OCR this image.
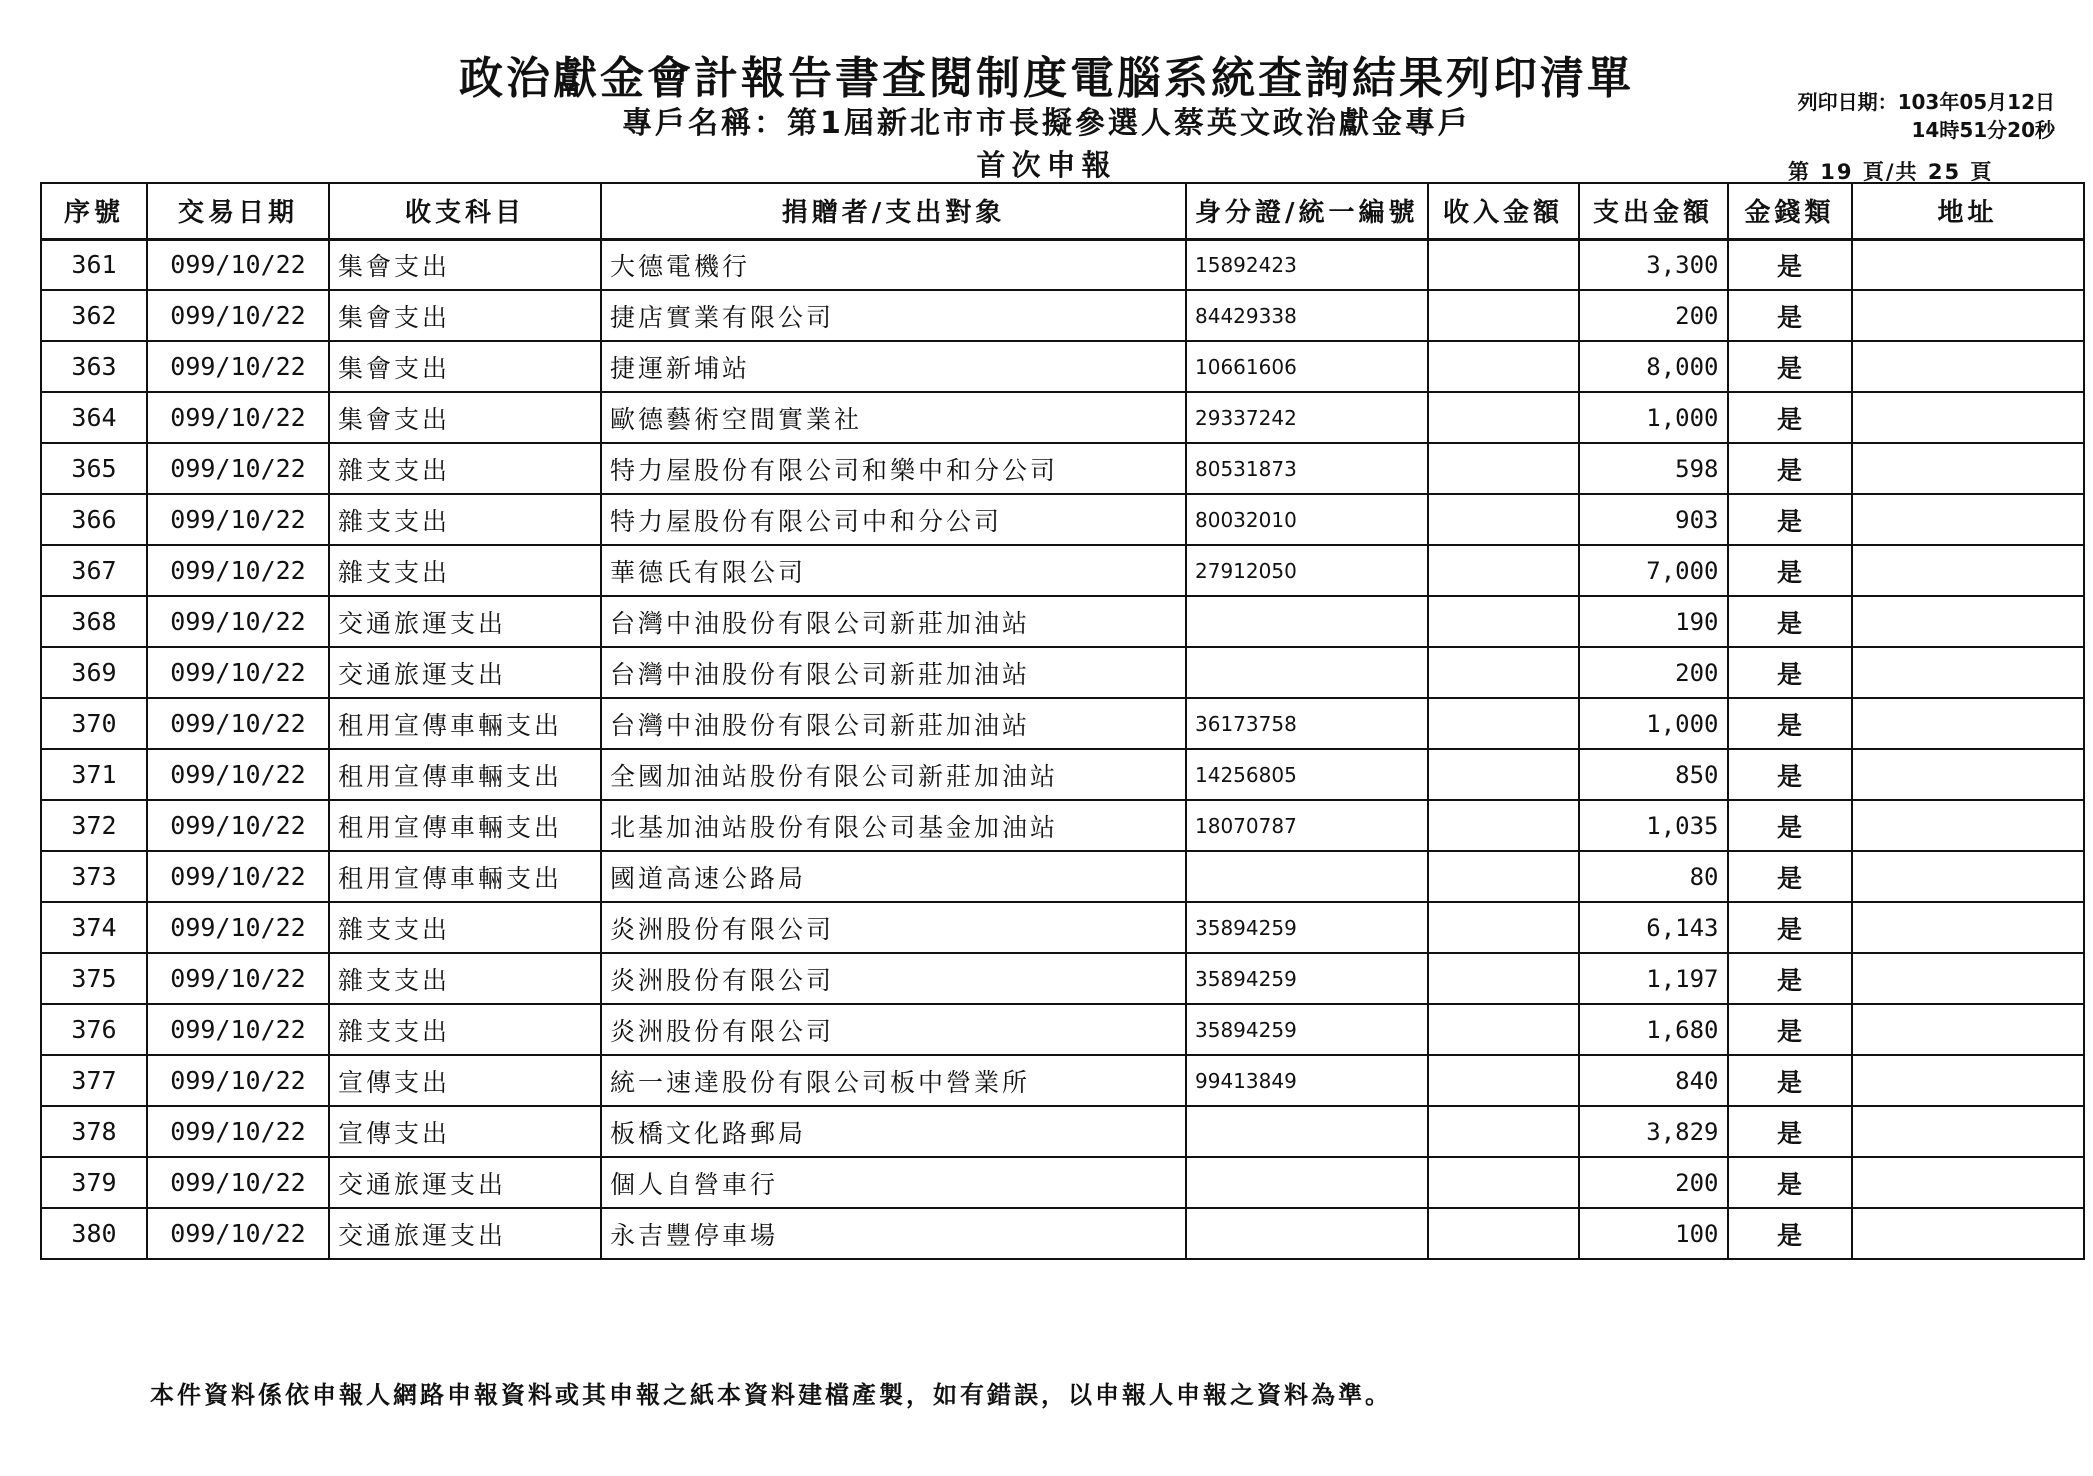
政治獻金會計報告書查閱制度電腦系統查詢結果列印清單
專戶名稱：第1屆新北市市長擬參選人蔡英文政治獻金專戶
首次申報
列印日期：103年05月12日
14時51分20秒
第 19 頁/共 25 頁
序號	交易日期	收支科目	捐贈者/支出對象	身分證/統一編號	收入金額	支出金額	金錢類	地址
361	099/10/22	集會支出	大德電機行	15892423		3,300	是	
362	099/10/22	集會支出	捷店實業有限公司	84429338		200	是	
363	099/10/22	集會支出	捷運新埔站	10661606		8,000	是	
364	099/10/22	集會支出	歐德藝術空間實業社	29337242		1,000	是	
365	099/10/22	雜支支出	特力屋股份有限公司和樂中和分公司	80531873		598	是	
366	099/10/22	雜支支出	特力屋股份有限公司中和分公司	80032010		903	是	
367	099/10/22	雜支支出	華德氏有限公司	27912050		7,000	是	
368	099/10/22	交通旅運支出	台灣中油股份有限公司新莊加油站			190	是	
369	099/10/22	交通旅運支出	台灣中油股份有限公司新莊加油站			200	是	
370	099/10/22	租用宣傳車輛支出	台灣中油股份有限公司新莊加油站	36173758		1,000	是	
371	099/10/22	租用宣傳車輛支出	全國加油站股份有限公司新莊加油站	14256805		850	是	
372	099/10/22	租用宣傳車輛支出	北基加油站股份有限公司基金加油站	18070787		1,035	是	
373	099/10/22	租用宣傳車輛支出	國道高速公路局			80	是	
374	099/10/22	雜支支出	炎洲股份有限公司	35894259		6,143	是	
375	099/10/22	雜支支出	炎洲股份有限公司	35894259		1,197	是	
376	099/10/22	雜支支出	炎洲股份有限公司	35894259		1,680	是	
377	099/10/22	宣傳支出	統一速達股份有限公司板中營業所	99413849		840	是	
378	099/10/22	宣傳支出	板橋文化路郵局			3,829	是	
379	099/10/22	交通旅運支出	個人自營車行			200	是	
380	099/10/22	交通旅運支出	永吉豐停車場			100	是	
本件資料係依申報人網路申報資料或其申報之紙本資料建檔產製，如有錯誤，以申報人申報之資料為準。
